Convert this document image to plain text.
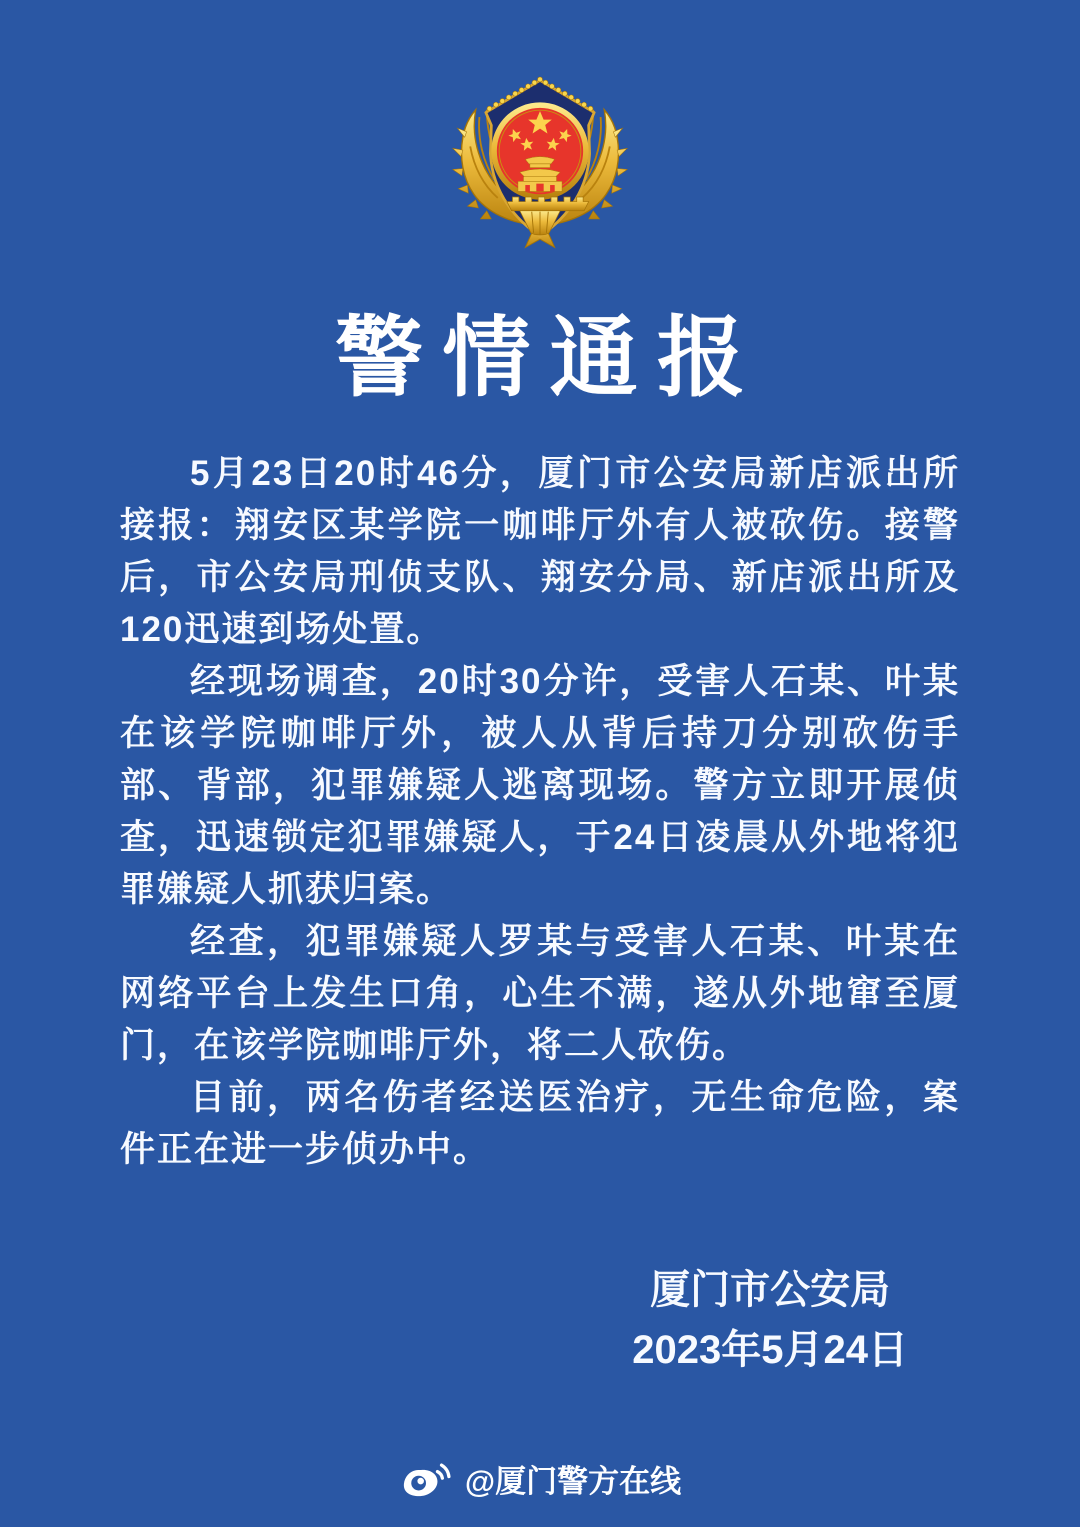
警情通报

5月23日20时46分，厦门市公安局新店派出所接报：翔安区某学院一咖啡厅外有人被砍伤。接警后，市公安局刑侦支队、翔安分局、新店派出所及120迅速到场处置。

经现场调查，20时30分许，受害人石某、叶某在该学院咖啡厅外，被人从背后持刀分别砍伤手部、背部，犯罪嫌疑人逃离现场。警方立即开展侦查，迅速锁定犯罪嫌疑人，于24日凌晨从外地将犯罪嫌疑人抓获归案。

经查，犯罪嫌疑人罗某与受害人石某、叶某在网络平台上发生口角，心生不满，遂从外地窜至厦门，在该学院咖啡厅外，将二人砍伤。

目前，两名伤者经送医治疗，无生命危险，案件正在进一步侦办中。

厦门市公安局
2023年5月24日
@厦门警方在线
